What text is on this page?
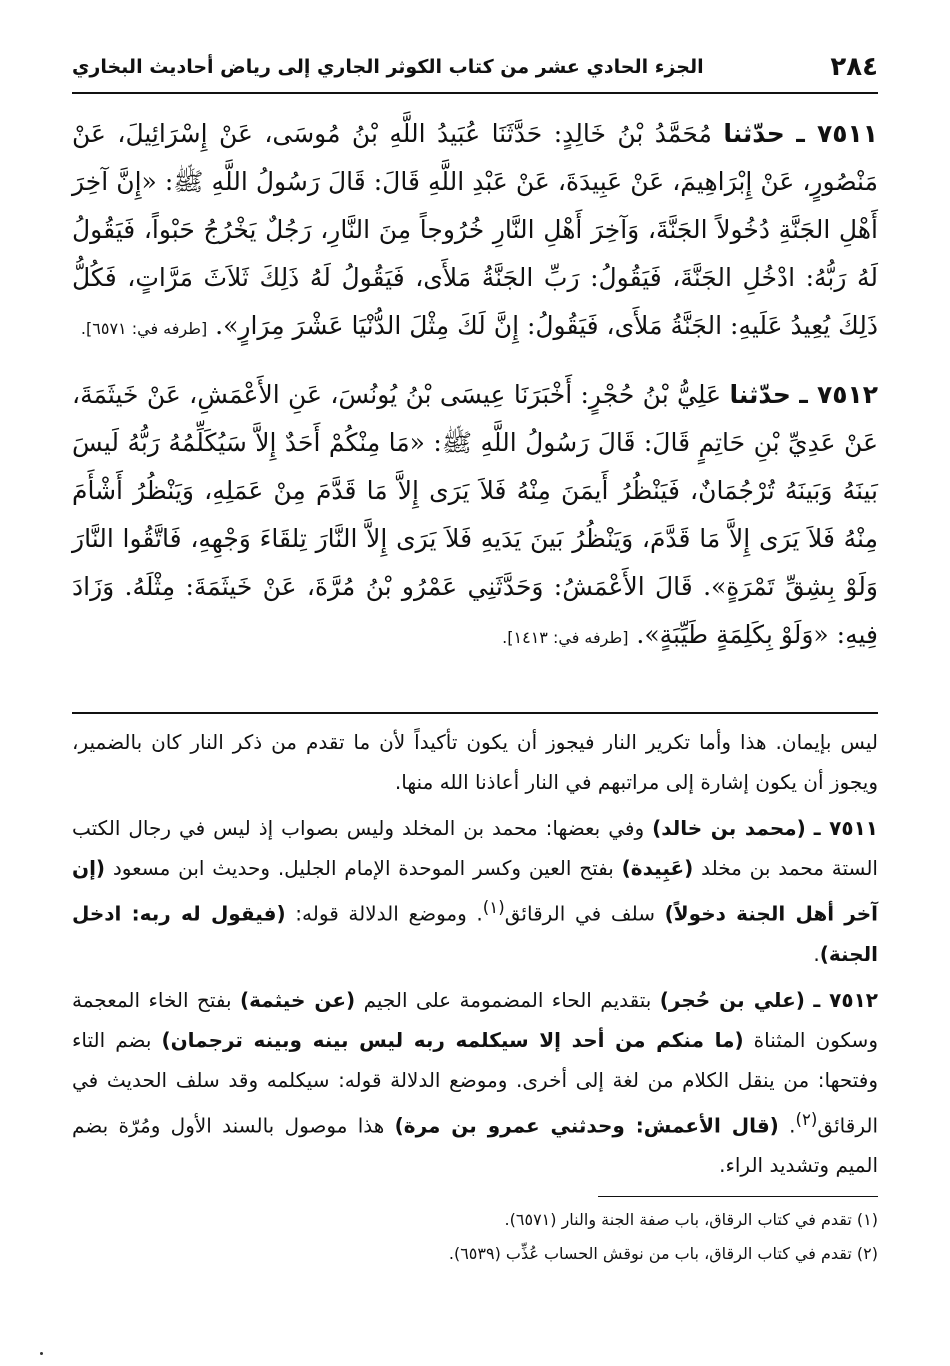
٢٨٤
الجزء الحادي عشر من كتاب الكوثر الجاري إلى رياض أحاديث البخاري

٧٥١١ ـ حدّثنا مُحَمَّدُ بْنُ خَالِدٍ: حَدَّثَنَا عُبَيدُ اللَّهِ بْنُ مُوسَى، عَنْ إِسْرَائِيلَ، عَنْ مَنْصُورٍ، عَنْ إِبْرَاهِيمَ، عَنْ عَبِيدَةَ، عَنْ عَبْدِ اللَّهِ قَالَ: قَالَ رَسُولُ اللَّهِ ﷺ: «إِنَّ آخِرَ أَهْلِ الجَنَّةِ دُخُولاً الجَنَّةَ، وَآخِرَ أَهْلِ النَّارِ خُرُوجاً مِنَ النَّارِ، رَجُلٌ يَخْرُجُ حَبْواً، فَيَقُولُ لَهُ رَبُّهُ: ادْخُلِ الجَنَّةَ، فَيَقُولُ: رَبِّ الجَنَّةُ مَلأَى، فَيَقُولُ لَهُ ذَلِكَ ثَلاَثَ مَرَّاتٍ، فَكُلُّ ذَلِكَ يُعِيدُ عَلَيهِ: الجَنَّةُ مَلأَى، فَيَقُولُ: إِنَّ لَكَ مِثْلَ الدُّنْيَا عَشْرَ مِرَارٍ». [طرفه في: ٦٥٧١].

٧٥١٢ ـ حدّثنا عَلِيُّ بْنُ حُجْرٍ: أَخْبَرَنَا عِيسَى بْنُ يُونُسَ، عَنِ الأَعْمَشِ، عَنْ خَيثَمَةَ، عَنْ عَدِيِّ بْنِ حَاتِمٍ قَالَ: قَالَ رَسُولُ اللَّهِ ﷺ: «مَا مِنْكُمْ أَحَدٌ إِلاَّ سَيُكَلِّمُهُ رَبُّهُ لَيسَ بَينَهُ وَبَينَهُ تُرْجُمَانٌ، فَيَنْظُرُ أَيمَنَ مِنْهُ فَلاَ يَرَى إِلاَّ مَا قَدَّمَ مِنْ عَمَلِهِ، وَيَنْظُرُ أَشْأَمَ مِنْهُ فَلاَ يَرَى إِلاَّ مَا قَدَّمَ، وَيَنْظُرُ بَينَ يَدَيهِ فَلاَ يَرَى إِلاَّ النَّارَ تِلقَاءَ وَجْهِهِ، فَاتَّقُوا النَّارَ وَلَوْ بِشِقِّ تَمْرَةٍ». قَالَ الأَعْمَشُ: وَحَدَّثَنِي عَمْرُو بْنُ مُرَّةَ، عَنْ خَيثَمَةَ: مِثْلَهُ. وَزَادَ فِيهِ: «وَلَوْ بِكَلِمَةٍ طَيِّبَةٍ». [طرفه في: ١٤١٣].

ليس بإيمان. هذا وأما تكرير النار فيجوز أن يكون تأكيداً لأن ما تقدم من ذكر النار كان بالضمير، ويجوز أن يكون إشارة إلى مراتبهم في النار أعاذنا الله منها.

٧٥١١ ـ (محمد بن خالد) وفي بعضها: محمد بن المخلد وليس بصواب إذ ليس في رجال الكتب الستة محمد بن مخلد (عَبِيدة) بفتح العين وكسر الموحدة الإمام الجليل. وحديث ابن مسعود (إن آخر أهل الجنة دخولاً) سلف في الرقائق$^{(١)}$. وموضع الدلالة قوله: (فيقول له ربه: ادخل الجنة).

٧٥١٢ ـ (علي بن حُجر) بتقديم الحاء المضمومة على الجيم (عن خيثمة) بفتح الخاء المعجمة وسكون المثناة (ما منكم من أحد إلا سيكلمه ربه ليس بينه وبينه ترجمان) بضم التاء وفتحها: من ينقل الكلام من لغة إلى أخرى. وموضع الدلالة قوله: سيكلمه وقد سلف الحديث في الرقائق$^{(٢)}$. (قال الأعمش: وحدثني عمرو بن مرة) هذا موصول بالسند الأول ومُرّة بضم الميم وتشديد الراء.

(١) تقدم في كتاب الرقاق، باب صفة الجنة والنار (٦٥٧١).

(٢) تقدم في كتاب الرقاق، باب من نوقش الحساب عُذِّب (٦٥٣٩).
